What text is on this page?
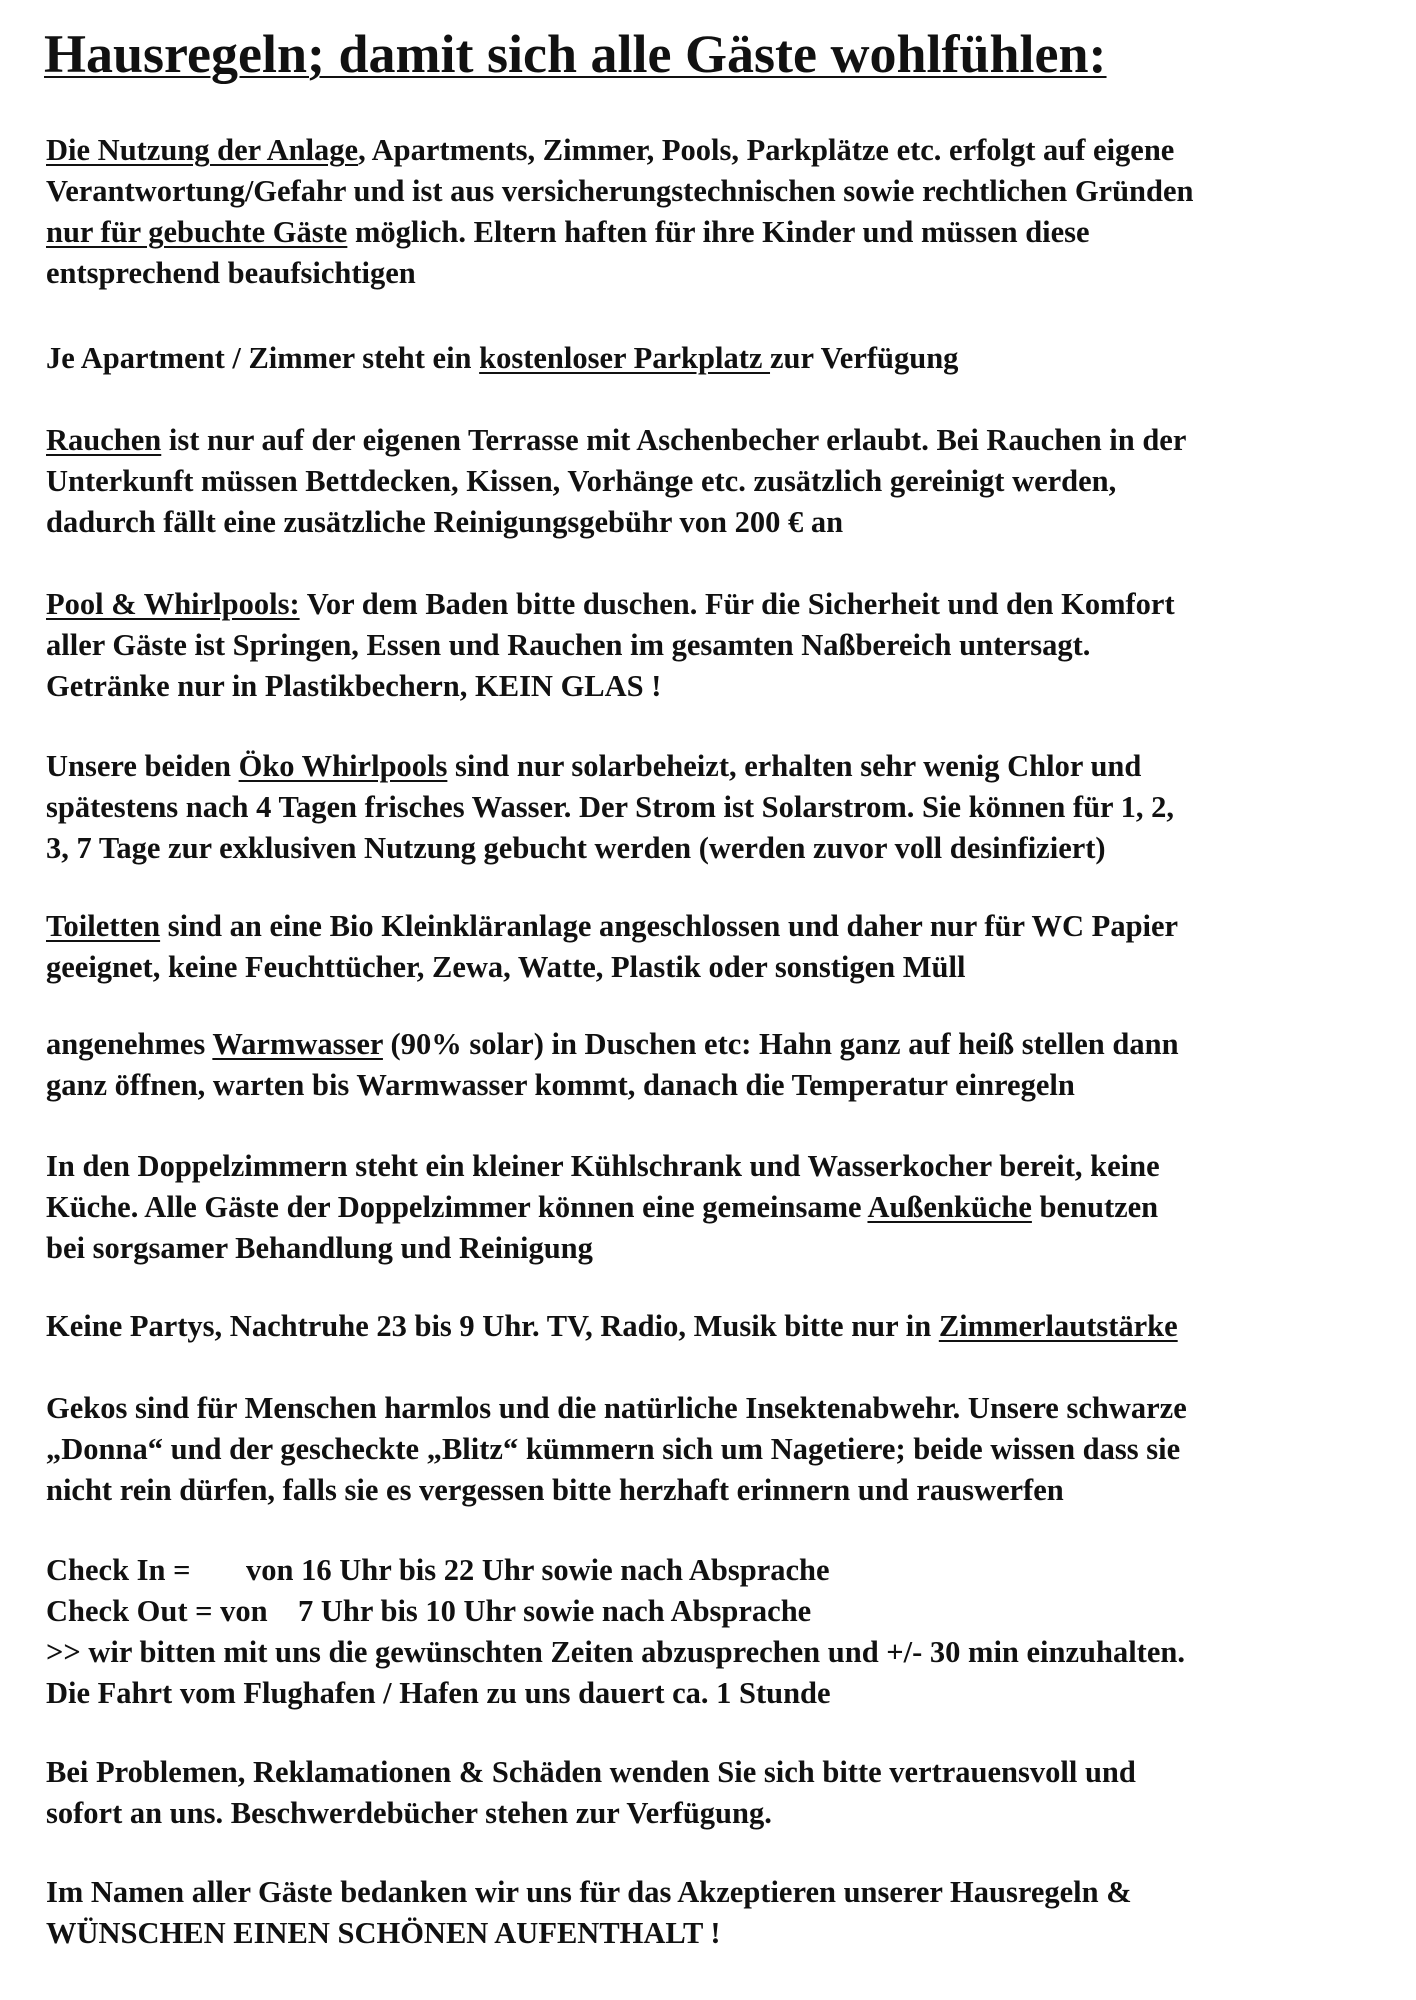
Hausregeln; damit sich alle Gäste wohlfühlen:
Die Nutzung der Anlage, Apartments, Zimmer, Pools, Parkplätze etc. erfolgt auf eigene
Verantwortung/Gefahr und ist aus versicherungstechnischen sowie rechtlichen Gründen
nur für gebuchte Gäste möglich. Eltern haften für ihre Kinder und müssen diese
entsprechend beaufsichtigen
Je Apartment / Zimmer steht ein kostenloser Parkplatz zur Verfügung
Rauchen ist nur auf der eigenen Terrasse mit Aschenbecher erlaubt. Bei Rauchen in der
Unterkunft müssen Bettdecken, Kissen, Vorhänge etc. zusätzlich gereinigt werden,
dadurch fällt eine zusätzliche Reinigungsgebühr von 200 € an
Pool & Whirlpools: Vor dem Baden bitte duschen. Für die Sicherheit und den Komfort
aller Gäste ist Springen, Essen und Rauchen im gesamten Naßbereich untersagt.
Getränke nur in Plastikbechern, KEIN GLAS !
Unsere beiden Öko Whirlpools sind nur solarbeheizt, erhalten sehr wenig Chlor und
spätestens nach 4 Tagen frisches Wasser. Der Strom ist Solarstrom. Sie können für 1, 2,
3, 7 Tage zur exklusiven Nutzung gebucht werden (werden zuvor voll desinfiziert)
Toiletten sind an eine Bio Kleinkläranlage angeschlossen und daher nur für WC Papier
geeignet, keine Feuchttücher, Zewa, Watte, Plastik oder sonstigen Müll
angenehmes Warmwasser (90% solar) in Duschen etc: Hahn ganz auf heiß stellen dann
ganz öffnen, warten bis Warmwasser kommt, danach die Temperatur einregeln
In den Doppelzimmern steht ein kleiner Kühlschrank und Wasserkocher bereit, keine
Küche. Alle Gäste der Doppelzimmer können eine gemeinsame Außenküche benutzen
bei sorgsamer Behandlung und Reinigung
Keine Partys, Nachtruhe 23 bis 9 Uhr. TV, Radio, Musik bitte nur in Zimmerlautstärke
Gekos sind für Menschen harmlos und die natürliche Insektenabwehr. Unsere schwarze
„Donna“ und der gescheckte „Blitz“ kümmern sich um Nagetiere; beide wissen dass sie
nicht rein dürfen, falls sie es vergessen bitte herzhaft erinnern und rauswerfen
Check In = von 16 Uhr bis 22 Uhr sowie nach Absprache
Check Out = von 7 Uhr bis 10 Uhr sowie nach Absprache
>> wir bitten mit uns die gewünschten Zeiten abzusprechen und +/- 30 min einzuhalten.
Die Fahrt vom Flughafen / Hafen zu uns dauert ca. 1 Stunde
Bei Problemen, Reklamationen & Schäden wenden Sie sich bitte vertrauensvoll und
sofort an uns. Beschwerdebücher stehen zur Verfügung.
Im Namen aller Gäste bedanken wir uns für das Akzeptieren unserer Hausregeln &
WÜNSCHEN EINEN SCHÖNEN AUFENTHALT !
